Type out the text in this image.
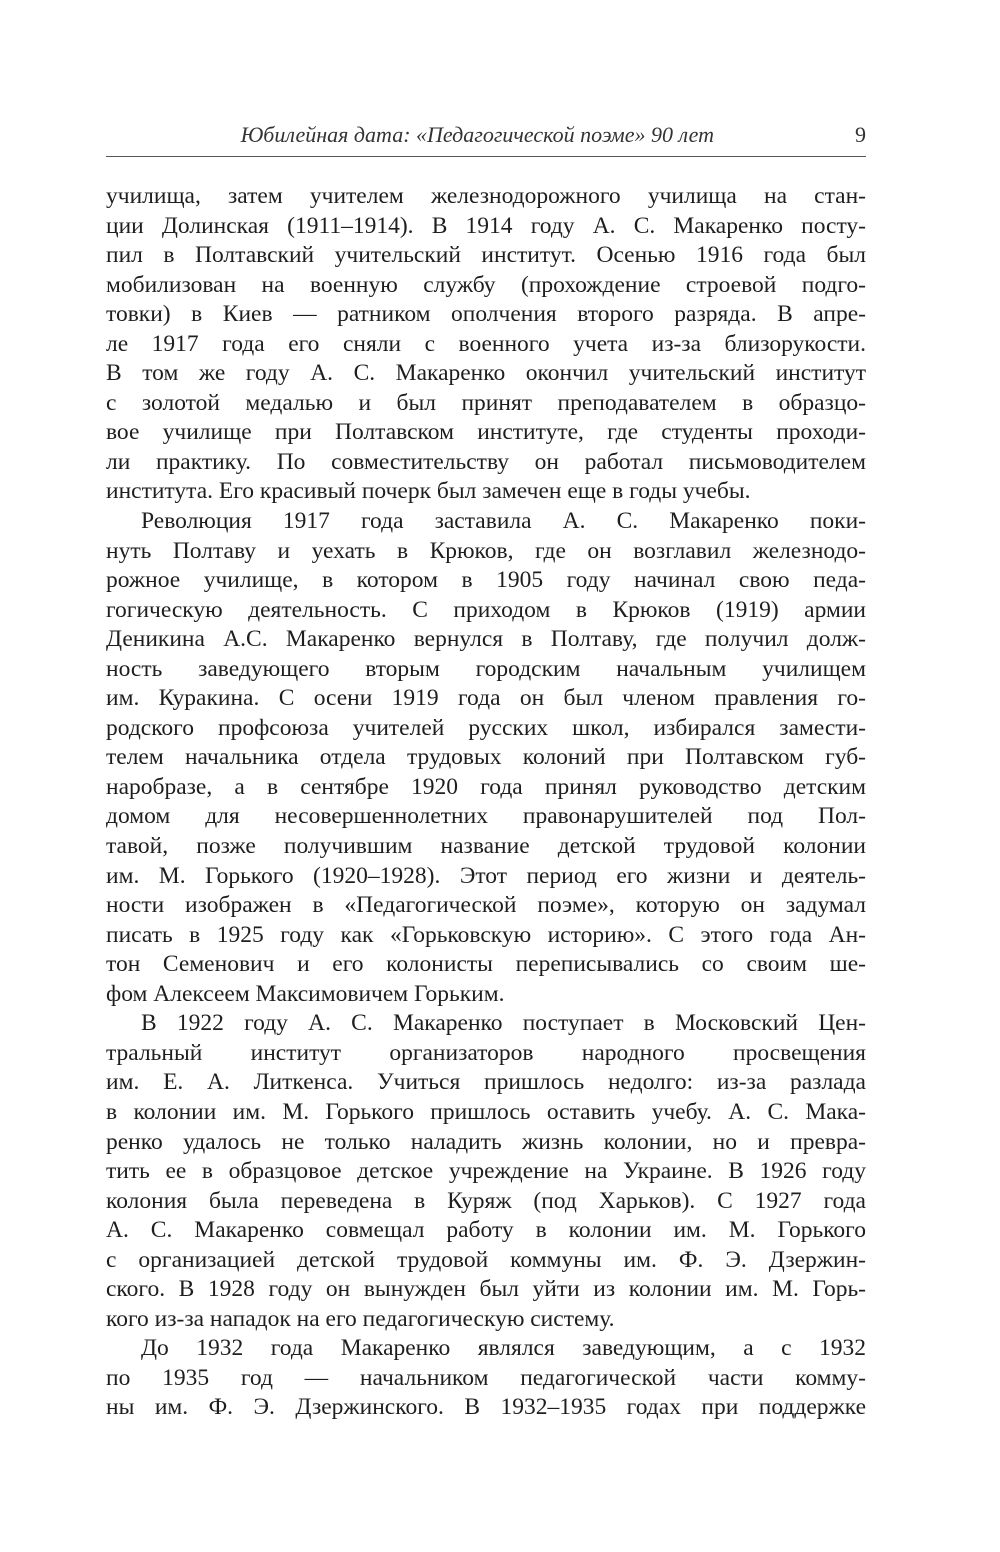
Юбилейная дата: «Педагогической поэме» 90 лет	9
училища, затем учителем железнодорожного училища на стан-
ции Долинская (1911–1914). В 1914 году А. С. Макаренко посту-
пил в Полтавский учительский институт. Осенью 1916 года был
мобилизован на военную службу (прохождение строевой подго-
товки) в Киев — ратником ополчения второго разряда. В апре-
ле 1917 года его сняли с военного учета из-за близорукости.
В том же году А. С. Макаренко окончил учительский институт
с золотой медалью и был принят преподавателем в образцо-
вое училище при Полтавском институте, где студенты проходи-
ли практику. По совместительству он работал письмоводителем
института. Его красивый почерк был замечен еще в годы учебы.
Революция 1917 года заставила А. С. Макаренко поки-
нуть Полтаву и уехать в Крюков, где он возглавил железнодо-
рожное училище, в котором в 1905 году начинал свою педа-
гогическую деятельность. С приходом в Крюков (1919) армии
Деникина А.С. Макаренко вернулся в Полтаву, где получил долж-
ность заведующего вторым городским начальным училищем
им. Куракина. С осени 1919 года он был членом правления го-
родского профсоюза учителей русских школ, избирался замести-
телем начальника отдела трудовых колоний при Полтавском губ-
наробразе, а в сентябре 1920 года принял руководство детским
домом для несовершеннолетних правонарушителей под Пол-
тавой, позже получившим название детской трудовой колонии
им. М. Горького (1920–1928). Этот период его жизни и деятель-
ности изображен в «Педагогической поэме», которую он задумал
писать в 1925 году как «Горьковскую историю». С этого года Ан-
тон Семенович и его колонисты переписывались со своим ше-
фом Алексеем Максимовичем Горьким.
В 1922 году А. С. Макаренко поступает в Московский Цен-
тральный институт организаторов народного просвещения
им. Е. А. Литкенса. Учиться пришлось недолго: из-за разлада
в колонии им. М. Горького пришлось оставить учебу. А. С. Мака-
ренко удалось не только наладить жизнь колонии, но и превра-
тить ее в образцовое детское учреждение на Украине. В 1926 году
колония была переведена в Куряж (под Харьков). С 1927 года
А. С. Макаренко совмещал работу в колонии им. М. Горького
с организацией детской трудовой коммуны им. Ф. Э. Дзержин-
ского. В 1928 году он вынужден был уйти из колонии им. М. Горь-
кого из-за нападок на его педагогическую систему.
До 1932 года Макаренко являлся заведующим, а с 1932
по 1935 год — начальником педагогической части комму-
ны им. Ф. Э. Дзержинского. В 1932–1935 годах при поддержке
